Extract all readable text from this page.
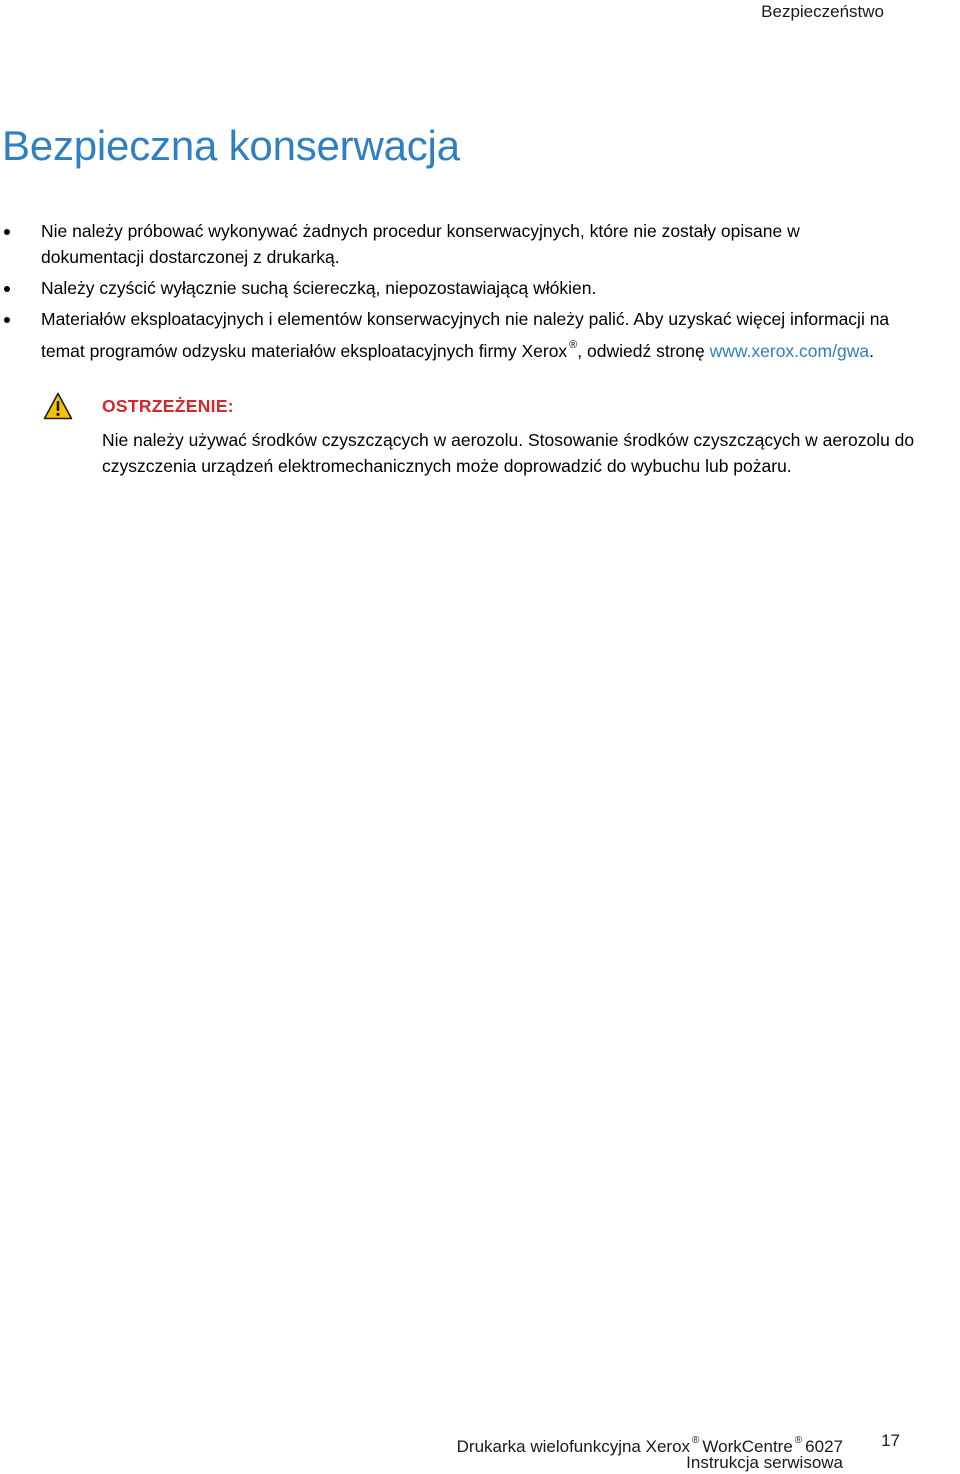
Bezpieczeństwo
Bezpieczna konserwacja
Nie należy próbować wykonywać żadnych procedur konserwacyjnych, które nie zostały opisane w dokumentacji dostarczonej z drukarką.
Należy czyścić wyłącznie suchą ściereczką, niepozostawiającą włókien.
Materiałów eksploatacyjnych i elementów konserwacyjnych nie należy palić. Aby uzyskać więcej informacji na temat programów odzysku materiałów eksploatacyjnych firmy Xerox ®, odwiedź stronę www.xerox.com/gwa.
OSTRZEŻENIE:

Nie należy używać środków czyszczących w aerozolu. Stosowanie środków czyszczących w aerozolu do czyszczenia urządzeń elektromechanicznych może doprowadzić do wybuchu lub pożaru.

Drukarka wielofunkcyjna Xerox ® WorkCentre ® 6027
Instrukcja serwisowa
17
